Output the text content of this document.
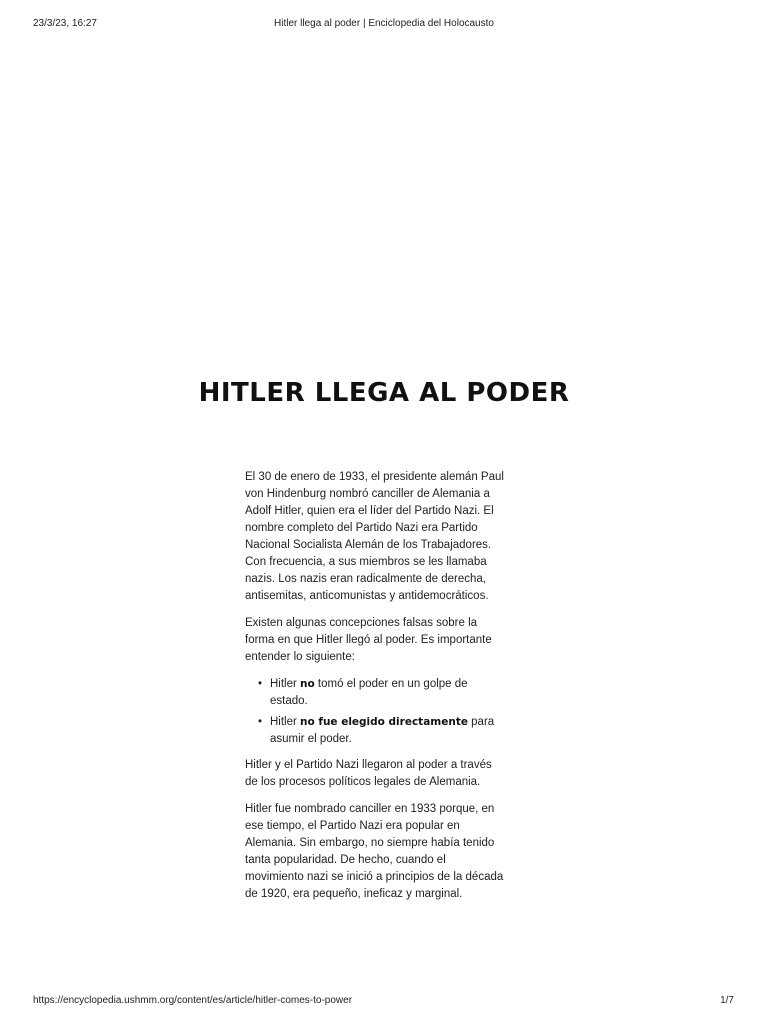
23/3/23, 16:27	Hitler llega al poder | Enciclopedia del Holocausto
HITLER LLEGA AL PODER

El 30 de enero de 1933, el presidente alemán Paul von Hindenburg nombró canciller de Alemania a Adolf Hitler, quien era el líder del Partido Nazi. El nombre completo del Partido Nazi era Partido Nacional Socialista Alemán de los Trabajadores. Con frecuencia, a sus miembros se les llamaba nazis. Los nazis eran radicalmente de derecha, antisemitas, anticomunistas y antidemocráticos.

Existen algunas concepciones falsas sobre la forma en que Hitler llegó al poder. Es importante entender lo siguiente:

• Hitler no tomó el poder en un golpe de estado.
• Hitler no fue elegido directamente para asumir el poder.

Hitler y el Partido Nazi llegaron al poder a través de los procesos políticos legales de Alemania.

Hitler fue nombrado canciller en 1933 porque, en ese tiempo, el Partido Nazi era popular en Alemania. Sin embargo, no siempre había tenido tanta popularidad. De hecho, cuando el movimiento nazi se inició a principios de la década de 1920, era pequeño, ineficaz y marginal.

https://encyclopedia.ushmm.org/content/es/article/hitler-comes-to-power	1/7
